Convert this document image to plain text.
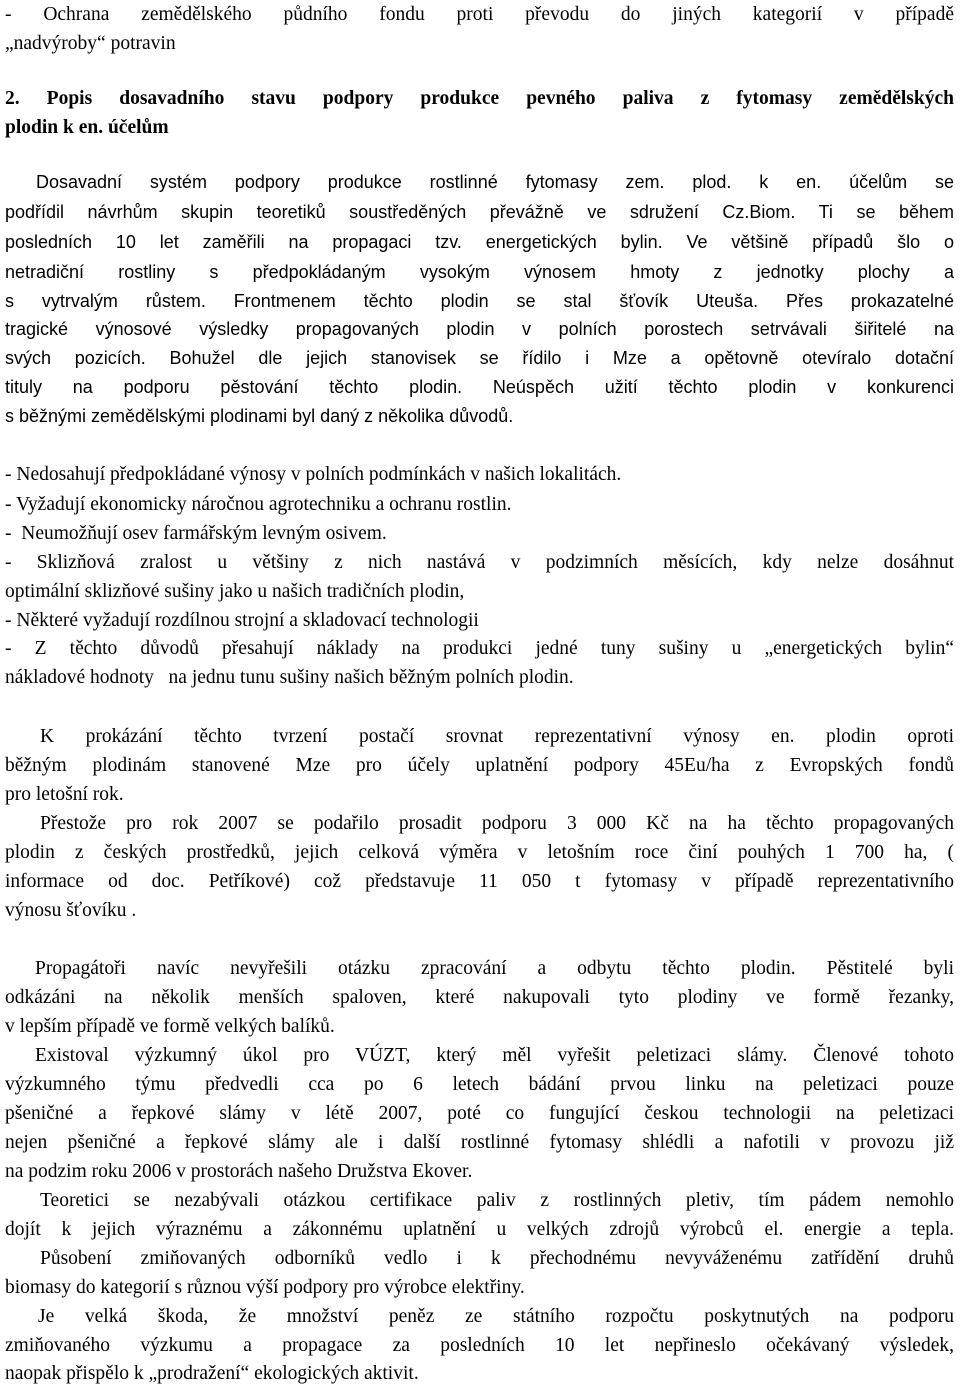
- Ochrana zemědělského půdního fondu proti převodu do jiných kategorií v případě
„nadvýroby“ potravin
2. Popis dosavadního stavu podpory produkce pevného paliva z fytomasy zemědělských
plodin k en. účelům
Dosavadní systém podpory produkce rostlinné fytomasy zem. plod. k en. účelům se
podřídil návrhům skupin teoretiků soustředěných převážně ve sdružení Cz.Biom. Ti se během
posledních 10 let zaměřili na propagaci tzv. energetických bylin. Ve většině případů šlo o
netradiční rostliny s předpokládaným vysokým výnosem hmoty z jednotky plochy a
s vytrvalým růstem. Frontmenem těchto plodin se stal šťovík Uteuša. Přes prokazatelné
tragické výnosové výsledky propagovaných plodin v polních porostech setrvávali šiřitelé na
svých pozicích. Bohužel dle jejich stanovisek se řídilo i Mze a opětovně otevíralo dotační
tituly na podporu pěstování těchto plodin. Neúspěch užití těchto plodin v konkurenci
s běžnými zemědělskými plodinami byl daný z několika důvodů.
- Nedosahují předpokládané výnosy v polních podmínkách v našich lokalitách.
- Vyžadují ekonomicky náročnou agrotechniku a ochranu rostlin.
-  Neumožňují osev farmářským levným osivem.
- Sklizňová zralost u většiny z nich nastává v podzimních měsících, kdy nelze dosáhnut
optimální sklizňové sušiny jako u našich tradičních plodin,
- Některé vyžadují rozdílnou strojní a skladovací technologii
- Z těchto důvodů přesahují náklady na produkci jedné tuny sušiny u „energetických bylin“
nákladové hodnoty   na jednu tunu sušiny našich běžným polních plodin.
K prokázání těchto tvrzení postačí srovnat reprezentativní výnosy en. plodin oproti
běžným plodinám stanovené Mze pro účely uplatnění podpory 45Eu/ha z Evropských fondů
pro letošní rok.
Přestože pro rok 2007 se podařilo prosadit podporu 3 000 Kč na ha těchto propagovaných
plodin z českých prostředků, jejich celková výměra v letošním roce činí pouhých 1 700 ha, (
informace od doc. Petříkové) což představuje 11 050 t fytomasy v případě reprezentativního
výnosu šťovíku .
Propagátoři navíc nevyřešili otázku zpracování a odbytu těchto plodin. Pěstitelé byli
odkázáni na několik menších spaloven, které nakupovali tyto plodiny ve formě řezanky,
v lepším případě ve formě velkých balíků.
Existoval výzkumný úkol pro VÚZT, který měl vyřešit peletizaci slámy. Členové tohoto
výzkumného týmu předvedli cca po 6 letech bádání prvou linku na peletizaci pouze
pšeničné a řepkové slámy v létě 2007, poté co fungující českou technologii na peletizaci
nejen pšeničné a řepkové slámy ale i další rostlinné fytomasy shlédli a nafotili v provozu již
na podzim roku 2006 v prostorách našeho Družstva Ekover.
Teoretici se nezabývali otázkou certifikace paliv z rostlinných pletiv, tím pádem nemohlo
dojít k jejich výraznému a zákonnému uplatnění u velkých zdrojů výrobců el. energie a tepla.
Působení zmiňovaných odborníků vedlo i k přechodnému nevyváženému zatřídění druhů
biomasy do kategorií s různou výší podpory pro výrobce elektřiny.
Je velká škoda, že množství peněz ze státního rozpočtu poskytnutých na podporu
zmiňovaného výzkumu a propagace za posledních 10 let nepřineslo očekávaný výsledek,
naopak přispělo k „prodražení“ ekologických aktivit.
